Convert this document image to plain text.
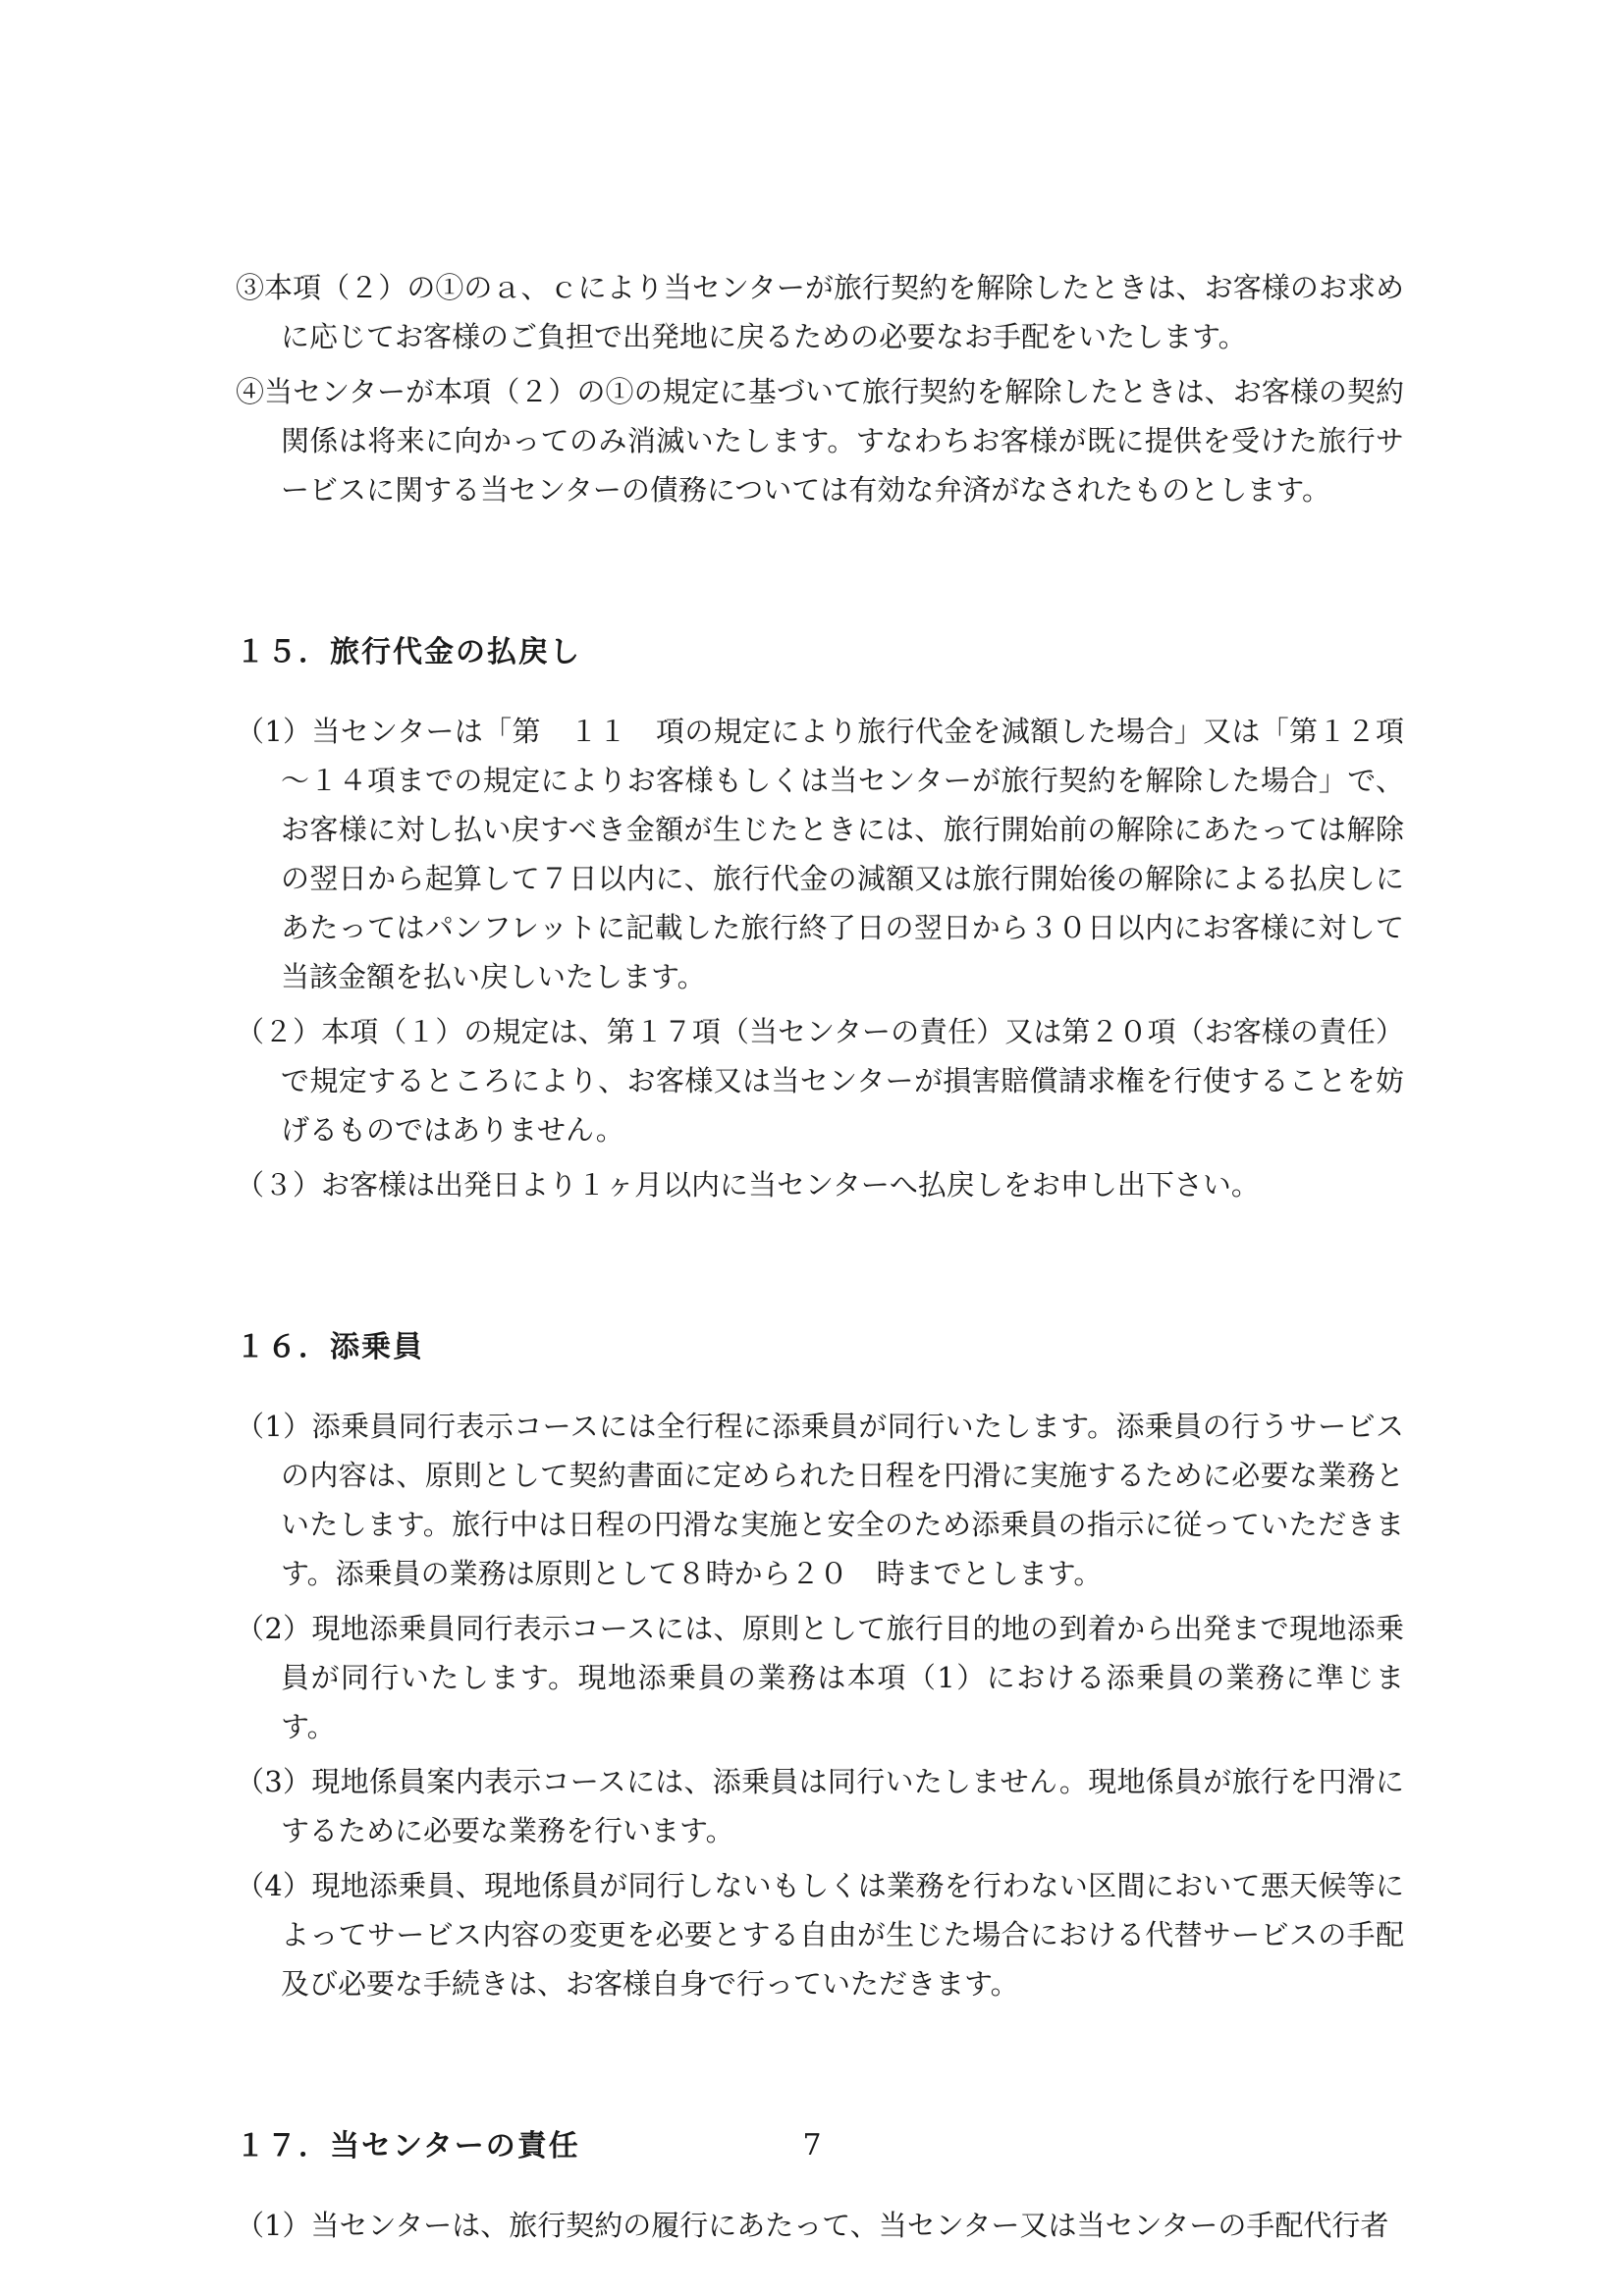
③本項（２）の①のａ、ｃにより当センターが旅行契約を解除したときは、お客様のお求めに応じてお客様のご負担で出発地に戻るための必要なお手配をいたします。

④当センターが本項（２）の①の規定に基づいて旅行契約を解除したときは、お客様の契約関係は将来に向かってのみ消滅いたします。すなわちお客様が既に提供を受けた旅行サービスに関する当センターの債務については有効な弁済がなされたものとします。

１５．旅行代金の払戻し

（1）当センターは「第　１１　項の規定により旅行代金を減額した場合」又は「第１２項～１４項までの規定によりお客様もしくは当センターが旅行契約を解除した場合」で、お客様に対し払い戻すべき金額が生じたときには、旅行開始前の解除にあたっては解除の翌日から起算して７日以内に、旅行代金の減額又は旅行開始後の解除による払戻しにあたってはパンフレットに記載した旅行終了日の翌日から３０日以内にお客様に対して当該金額を払い戻しいたします。

（２）本項（１）の規定は、第１７項（当センターの責任）又は第２０項（お客様の責任）で規定するところにより、お客様又は当センターが損害賠償請求権を行使することを妨げるものではありません。

（３）お客様は出発日より１ヶ月以内に当センターへ払戻しをお申し出下さい。

１６．添乗員

（1）添乗員同行表示コースには全行程に添乗員が同行いたします。添乗員の行うサービスの内容は、原則として契約書面に定められた日程を円滑に実施するために必要な業務といたします。旅行中は日程の円滑な実施と安全のため添乗員の指示に従っていただきます。添乗員の業務は原則として８時から２０　時までとします。

（2）現地添乗員同行表示コースには、原則として旅行目的地の到着から出発まで現地添乗員が同行いたします。現地添乗員の業務は本項（1）における添乗員の業務に準じます。

（3）現地係員案内表示コースには、添乗員は同行いたしません。現地係員が旅行を円滑にするために必要な業務を行います。

（4）現地添乗員、現地係員が同行しないもしくは業務を行わない区間において悪天候等によってサービス内容の変更を必要とする自由が生じた場合における代替サービスの手配及び必要な手続きは、お客様自身で行っていただきます。

１７．当センターの責任

（1）当センターは、旅行契約の履行にあたって、当センター又は当センターの手配代行者

7
